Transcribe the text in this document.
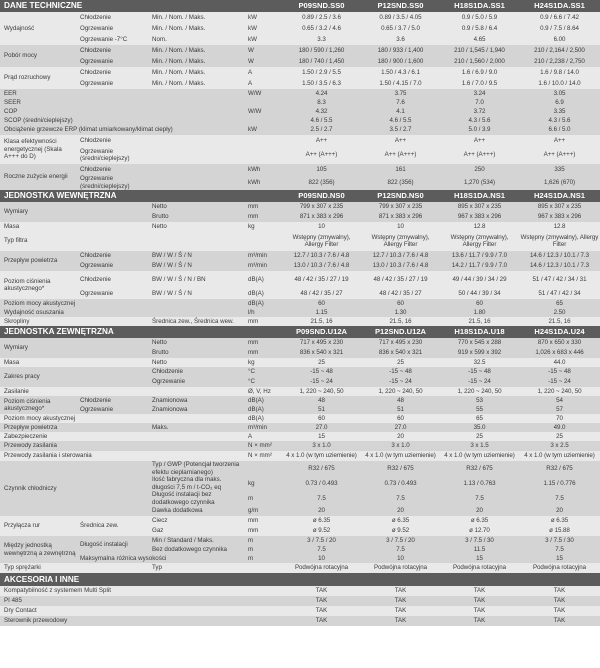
DANE TECHNICZNE				P09SND.SS0	P12SND.SS0	H18S1DA.SS1	H24S1DA.SS1
Wydajność	Chłodzenie	Min. / Nom. / Maks.	kW	0.89 / 2.5 / 3.6	0.89 / 3.5 / 4.05	0.9 / 5.0 / 5.9	0.9 / 6.6 / 7.42
	Ogrzewanie	Min. / Nom. / Maks.	kW	0.65 / 3.2 / 4.6	0.65 / 3.7 / 5.0	0.9 / 5.8 / 6.4	0.9 / 7.5 / 8.64
	Ogrzewanie -7°C	Nom.	kW	3.3	3.6	4.65	6.00
Pobór mocy	Chłodzenie	Min. / Nom. / Maks.	W	180 / 590 / 1,260	180 / 933 / 1,400	210 / 1,545 / 1,940	210 / 2,164 / 2,500
	Ogrzewanie	Min. / Nom. / Maks.	W	180 / 740 / 1,450	180 / 900 / 1,600	210 / 1,560 / 2,000	210 / 2,238 / 2,750
Prąd rozruchowy	Chłodzenie	Min. / Nom. / Maks.	A	1.50 / 2.9 / 5.5	1.50 / 4.3 / 6.1	1.6 / 6.9 / 9.0	1.6 / 9.8 / 14.0
	Ogrzewanie	Min. / Nom. / Maks.	A	1.50 / 3.5 / 6.3	1.50 / 4.15 / 7.0	1.6 / 7.0 / 9.5	1.6 / 10.0 / 14.0
EER			W/W	4.24	3.75	3.24	3.05
SEER				8.3	7.6	7.0	6.9
COP			W/W	4.32	4.1	3.72	3.35
SCOP (średni/cieplejszy)				4.6 / 5.5	4.6 / 5.5	4.3 / 5.6	4.3 / 5.6
Obciążenie grzewcze ERP (klimat umiarkowany/klimat ciepły)			kW	2.5 / 2.7	3.5 / 2.7	5.0 / 3.9	6.6 / 5.0
Klasa efektywności energetycznej (Skala A+++ do D)	Chłodzenie			A++	A++	A++	A++
	Ogrzewanie (średni/cieplejszy)			A++ (A+++)	A++ (A+++)	A++ (A+++)	A++ (A+++)
Roczne zużycie energii	Chłodzenie		kWh	105	161	250	335
	Ogrzewanie (średni/cieplejszy)		kWh	822 (356)	822 (356)	1,270 (534)	1,626 (670)
JEDNOSTKA WEWNĘTRZNA				P09SND.NS0	P12SND.NS0	H18S1DA.NS1	H24S1DA.NS1
Wymiary		Netto	mm	799 x 307 x 235	799 x 307 x 235	895 x 307 x 235	895 x 307 x 235
		Brutto	mm	871 x 383 x 296	871 x 383 x 296	967 x 383 x 296	967 x 383 x 296
Masa		Netto	kg	10	10	12.8	12.8
Typ filtra				Wstępny (zmywalny), Allergy Filter	Wstępny (zmywalny), Allergy Filter	Wstępny (zmywalny), Allergy Filter	Wstępny (zmywalny), Allergy Filter
Przepływ powietrza	Chłodzenie	BW / W / Ś / N	m³/min	12.7 / 10.3 / 7.6 / 4.8	12.7 / 10.3 / 7.6 / 4.8	13.6 / 11.7 / 9.9 / 7.0	14.6 / 12.3 / 10.1 / 7.3
	Ogrzewanie	BW / W / Ś / N	m³/min	13.0 / 10.3 / 7.6 / 4.8	13.0 / 10.3 / 7.6 / 4.8	14.2 / 11.7 / 9.9 / 7.0	14.6 / 12.3 / 10.1 / 7.3
Poziom ciśnienia akustycznego*	Chłodzenie	BW / W / Ś / N / BN	dB(A)	48 / 42 / 35 / 27 / 19	48 / 42 / 35 / 27 / 19	49 / 44 / 39 / 34 / 29	51 / 47 / 42 / 34 / 31
	Ogrzewanie	BW / W / Ś / N	dB(A)	48 / 42 / 35 / 27	48 / 42 / 35 / 27	50 / 44 / 39 / 34	51 / 47 / 42 / 34
Poziom mocy akustycznej			dB(A)	60	60	60	65
Wydajność osuszania			l/h	1.15	1.30	1.80	2.50
Skropliny		Średnica zew., Średnica wew.	mm	21.5, 16	21.5, 16	21.5, 16	21.5, 16
JEDNOSTKA ZEWNĘTRZNA				P09SND.U12A	P12SND.U12A	H18S1DA.U18	H24S1DA.U24
Wymiary		Netto	mm	717 x 495 x 230	717 x 495 x 230	770 x 545 x 288	870 x 650 x 330
		Brutto	mm	836 x 540 x 321	836 x 540 x 321	919 x 599 x 392	1,026 x 683 x 446
Masa		Netto	kg	25	25	32.5	44.0
Zakres pracy		Chłodzenie	°C	-15 ~ 48	-15 ~ 48	-15 ~ 48	-15 ~ 48
		Ogrzewanie	°C	-15 ~ 24	-15 ~ 24	-15 ~ 24	-15 ~ 24
Zasilanie			Ø, V, Hz	1, 220 ~ 240, 50	1, 220 ~ 240, 50	1, 220 ~ 240, 50	1, 220 ~ 240, 50
Poziom ciśnienia akustycznego*	Chłodzenie	Znamionowa	dB(A)	48	48	53	54
	Ogrzewanie	Znamionowa	dB(A)	51	51	55	57
Poziom mocy akustycznej			dB(A)	60	60	65	70
Przepływ powietrza		Maks.	m³/min	27.0	27.0	35.0	49.0
Zabezpieczenie			A	15	20	25	25
Przewody zasilania			N × mm²	3 x 1.0	3 x 1.0	3 x 1.5	3 x 2.5
Przewody zasilania i sterowania			N × mm²	4 x 1.0 (w tym uziemienie)	4 x 1.0 (w tym uziemienie)	4 x 1.0 (w tym uziemienie)	4 x 1.0 (w tym uziemienie)
Czynnik chłodniczy		Typ / GWP (Potencjał tworzenia efektu cieplarnianego)		R32 / 675	R32 / 675	R32 / 675	R32 / 675
		Ilość fabryczna dla maks. długości 7,5 m / t-CO₂ eq	kg	0.73 / 0.493	0.73 / 0.493	1.13 / 0.763	1.15 / 0.776
		Długość instalacji bez dodatkowego czynnika	m	7.5	7.5	7.5	7.5
		Dawka dodatkowa	g/m	20	20	20	20
Przyłącza rur	Średnica zew.	Ciecz	mm	ø 6.35	ø 6.35	ø 6.35	ø 6.35
		Gaz	mm	ø 9.52	ø 9.52	ø 12.70	ø 15.88
Między jednostką wewnętrzną a zewnętrzną	Długość instalacji	Min / Standard / Maks.	m	3 / 7.5 / 20	3 / 7.5 / 20	3 / 7.5 / 30	3 / 7.5 / 30
		Bez dodatkowego czynnika	m	7.5	7.5	11.5	7.5
	Maksymalna różnica wysokości		m	10	10	15	15
Typ sprężarki		Typ		Podwójna rotacyjna	Podwójna rotacyjna	Podwójna rotacyjna	Podwójna rotacyjna
AKCESORIA I INNE							
Kompatybilność z systemem Multi Split				TAK	TAK	TAK	TAK
PI 485				TAK	TAK	TAK	TAK
Dry Contact				TAK	TAK	TAK	TAK
Sterownik przewodowy				TAK	TAK	TAK	TAK
